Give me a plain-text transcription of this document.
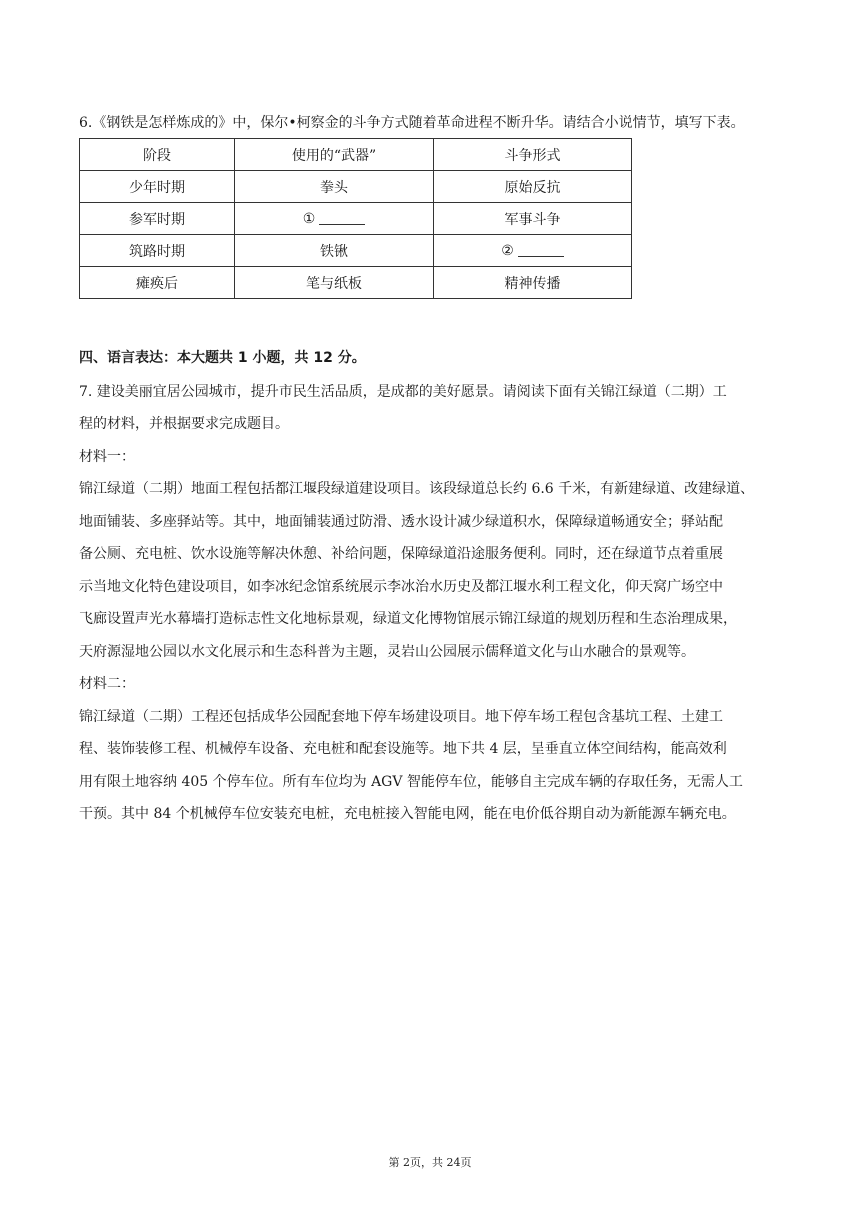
6.《钢铁是怎样炼成的》中，保尔•柯察金的斗争方式随着革命进程不断升华。请结合小说情节，填写下表。
阶段	使用的“武器”	斗争形式
少年时期	拳头	原始反抗
参军时期	①	军事斗争
筑路时期	铁锹	②
瘫痪后	笔与纸板	精神传播
四、语言表达：本大题共 1 小题，共 12 分。
7. 建设美丽宜居公园城市，提升市民生活品质，是成都的美好愿景。请阅读下面有关锦江绿道（二期）工
程的材料，并根据要求完成题目。
材料一：
锦江绿道（二期）地面工程包括都江堰段绿道建设项目。该段绿道总长约 6.6 千米，有新建绿道、改建绿道、
地面铺装、多座驿站等。其中，地面铺装通过防滑、透水设计减少绿道积水，保障绿道畅通安全；驿站配
备公厕、充电桩、饮水设施等解决休憩、补给问题，保障绿道沿途服务便利。同时，还在绿道节点着重展
示当地文化特色建设项目，如李冰纪念馆系统展示李冰治水历史及都江堰水利工程文化，仰天窝广场空中
飞廊设置声光水幕墙打造标志性文化地标景观，绿道文化博物馆展示锦江绿道的规划历程和生态治理成果，
天府源湿地公园以水文化展示和生态科普为主题，灵岩山公园展示儒释道文化与山水融合的景观等。
材料二：
锦江绿道（二期）工程还包括成华公园配套地下停车场建设项目。地下停车场工程包含基坑工程、土建工
程、装饰装修工程、机械停车设备、充电桩和配套设施等。地下共 4 层，呈垂直立体空间结构，能高效利
用有限土地容纳 405 个停车位。所有车位均为 AGV 智能停车位，能够自主完成车辆的存取任务，无需人工
干预。其中 84 个机械停车位安装充电桩，充电桩接入智能电网，能在电价低谷期自动为新能源车辆充电。
第 2页，共 24页
